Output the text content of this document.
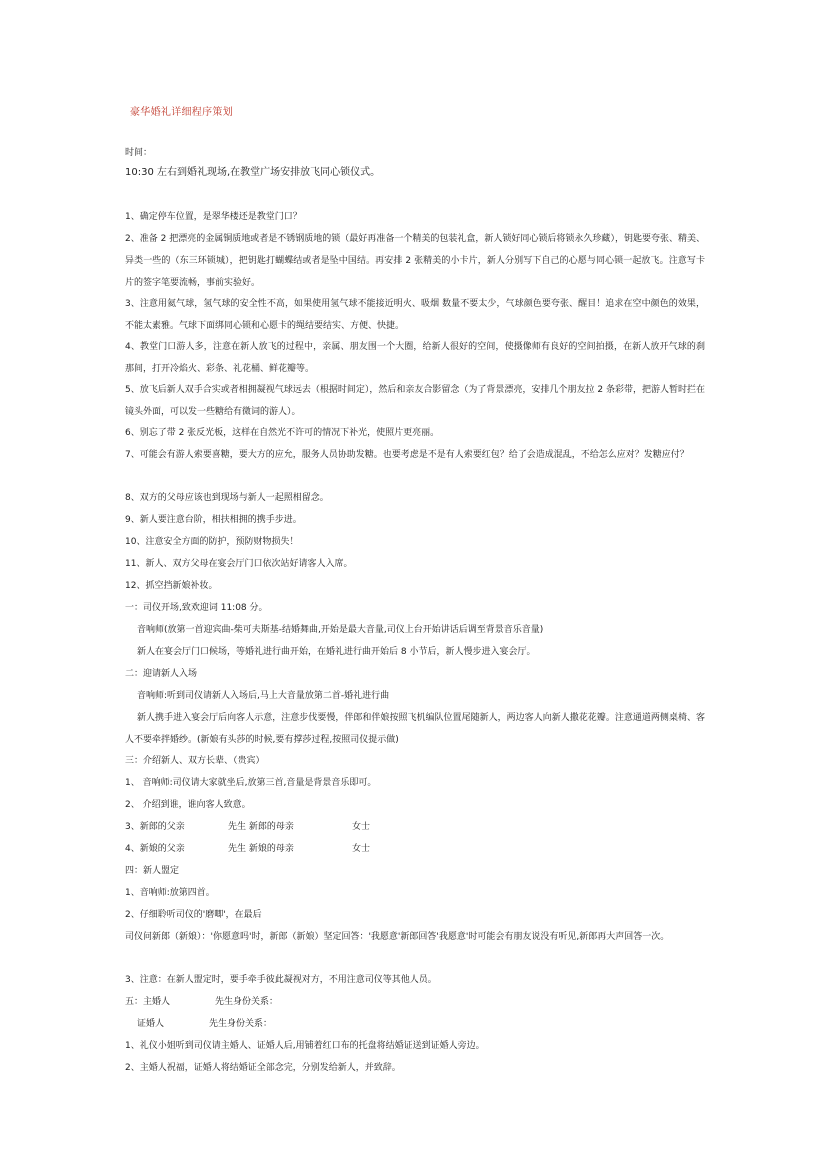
豪华婚礼详细程序策划
时间：
10:30 左右到婚礼现场,在教堂广场安排放飞同心锁仪式。
1、确定停车位置，是翠华楼还是教堂门口？
2、准备 2 把漂亮的金属铜质地或者是不锈钢质地的锁（最好再准备一个精美的包装礼盒，新人锁好同心锁后将锁永久珍藏），钥匙要夸张、精美、异类一些的（东三环锁城），把钥匙打蝴蝶结或者是坠中国结。再安排 2 张精美的小卡片，新人分别写下自己的心愿与同心锁一起放飞。注意写卡片的签字笔要流畅，事前实验好。
3、注意用氦气球，氢气球的安全性不高，如果使用氢气球不能接近明火、吸烟 数量不要太少，气球颜色要夸张、醒目！追求在空中颜色的效果，不能太素雅。气球下面绑同心锁和心愿卡的绳结要结实、方便、快捷。
4、教堂门口游人多，注意在新人放飞的过程中，亲属、朋友围一个大圈，给新人很好的空间，使摄像师有良好的空间拍摄，在新人放开气球的刹那间，打开冷焰火、彩条、礼花桶、鲜花瓣等。
5、放飞后新人双手合实或者相拥凝视气球远去（根据时间定），然后和亲友合影留念（为了背景漂亮，安排几个朋友拉 2 条彩带，把游人暂时拦在镜头外面，可以发一些糖给有微词的游人）。
6、别忘了带 2 张反光板，这样在自然光不许可的情况下补光，使照片更亮丽。
7、可能会有游人索要喜糖，要大方的应允，服务人员协助发糖。也要考虑是不是有人索要红包？给了会造成混乱，不给怎么应对？发糖应付？
8、双方的父母应该也到现场与新人一起照相留念。
9、新人要注意台阶，相扶相拥的携手步进。
10、注意安全方面的防护，预防财物损失！
11、新人、双方父母在宴会厅门口依次站好请客人入席。
12、抓空挡新娘补妆。
一：司仪开场,致欢迎词 11:08 分。
音响师(放第一首迎宾曲-柴可夫斯基-结婚舞曲,开始是最大音量,司仪上台开始讲话后调至背景音乐音量)
新人在宴会厅门口候场，等婚礼进行曲开始，在婚礼进行曲开始后 8 小节后，新人慢步进入宴会厅。
二：迎请新人入场
音响师:听到司仪请新人入场后,马上大音量放第二首-婚礼进行曲
新人携手进入宴会厅后向客人示意，注意步伐要慢，伴郎和伴娘按照飞机编队位置尾随新人，两边客人向新人撒花花瓣。注意通道两侧桌椅、客人不要牵拌婚纱。(新娘有头莎的时候,要有撑莎过程,按照司仪提示做)
三：介绍新人、双方长辈、（贵宾）
1、 音响师:司仪请大家就坐后,放第三首,音量是背景音乐即可。
2、 介绍到谁，谁向客人致意。
3、新郎的父亲	先生 新郎的母亲	女士
4、新娘的父亲	先生 新娘的母亲	女士
四：新人盟定
1、音响师:放第四首。
2、仔细聆听司仪的'磨唧'，在最后
司仪问新郎（新娘）：'你愿意吗'时，新郎（新娘）坚定回答：'我愿意'新郎回答'我愿意'时可能会有朋友说没有听见,新郎再大声回答一次。
3、注意：在新人盟定时，要手牵手彼此凝视对方，不用注意司仪等其他人员。
五：主婚人	先生身份关系：
证婚人	先生身份关系：
1、礼仪小姐听到司仪请主婚人、证婚人后,用铺着红口布的托盘将结婚证送到证婚人旁边。
2、主婚人祝福，证婚人将结婚证全部念完，分别发给新人，并致辞。
